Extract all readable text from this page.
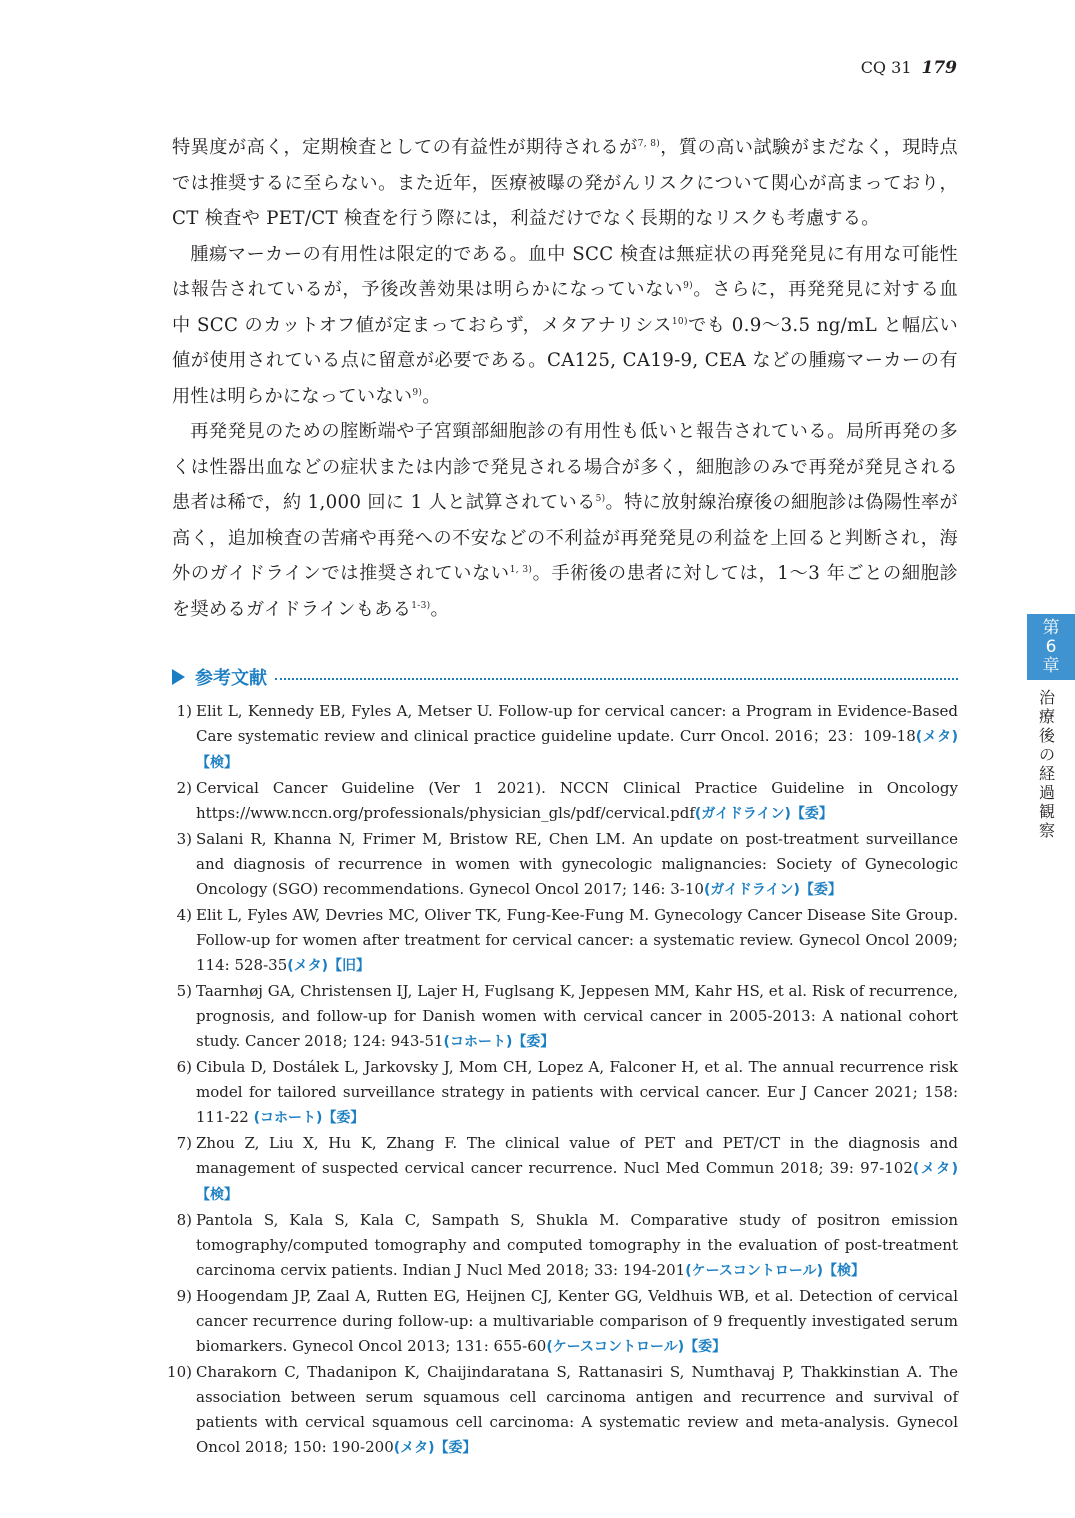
CQ 31 179

特異度が高く，定期検査としての有益性が期待されるが$^{7, 8)}$，質の高い試験がまだなく，現時点では推奨するに至らない。また近年，医療被曝の発がんリスクについて関心が高まっており，CT 検査や PET/CT 検査を行う際には，利益だけでなく長期的なリスクも考慮する。

腫瘍マーカーの有用性は限定的である。血中 SCC 検査は無症状の再発発見に有用な可能性は報告されているが，予後改善効果は明らかになっていない$^{9)}$。さらに，再発発見に対する血中 SCC のカットオフ値が定まっておらず，メタアナリシス$^{10)}$でも 0.9～3.5 ng/mL と幅広い値が使用されている点に留意が必要である。CA125, CA19-9, CEA などの腫瘍マーカーの有用性は明らかになっていない$^{9)}$。

再発発見のための腟断端や子宮頸部細胞診の有用性も低いと報告されている。局所再発の多くは性器出血などの症状または内診で発見される場合が多く，細胞診のみで再発が発見される患者は稀で，約 1,000 回に 1 人と試算されている$^{5)}$。特に放射線治療後の細胞診は偽陽性率が高く，追加検査の苦痛や再発への不安などの不利益が再発発見の利益を上回ると判断され，海外のガイドラインでは推奨されていない$^{1, 3)}$。手術後の患者に対しては，1～3 年ごとの細胞診を奨めるガイドラインもある$^{1-3)}$。

参考文献
1) Elit L, Kennedy EB, Fyles A, Metser U. Follow-up for cervical cancer: a Program in Evidence-Based Care systematic review and clinical practice guideline update. Curr Oncol. 2016；23：109-18(メタ)【検】
2) Cervical Cancer Guideline (Ver 1 2021). NCCN Clinical Practice Guideline in Oncology https://www.nccn.org/professionals/physician_gls/pdf/cervical.pdf(ガイドライン)【委】
3) Salani R, Khanna N, Frimer M, Bristow RE, Chen LM. An update on post-treatment surveillance and diagnosis of recurrence in women with gynecologic malignancies: Society of Gynecologic Oncology (SGO) recommendations. Gynecol Oncol 2017; 146: 3-10(ガイドライン)【委】
4) Elit L, Fyles AW, Devries MC, Oliver TK, Fung-Kee-Fung M. Gynecology Cancer Disease Site Group. Follow-up for women after treatment for cervical cancer: a systematic review. Gynecol Oncol 2009; 114: 528-35(メタ)【旧】
5) Taarnhøj GA, Christensen IJ, Lajer H, Fuglsang K, Jeppesen MM, Kahr HS, et al. Risk of recurrence, prognosis, and follow-up for Danish women with cervical cancer in 2005-2013: A national cohort study. Cancer 2018; 124: 943-51(コホート)【委】
6) Cibula D, Dostálek L, Jarkovsky J, Mom CH, Lopez A, Falconer H, et al. The annual recurrence risk model for tailored surveillance strategy in patients with cervical cancer. Eur J Cancer 2021; 158: 111-22 (コホート)【委】
7) Zhou Z, Liu X, Hu K, Zhang F. The clinical value of PET and PET/CT in the diagnosis and management of suspected cervical cancer recurrence. Nucl Med Commun 2018; 39: 97-102(メタ)【検】
8) Pantola S, Kala S, Kala C, Sampath S, Shukla M. Comparative study of positron emission tomography/computed tomography and computed tomography in the evaluation of post-treatment carcinoma cervix patients. Indian J Nucl Med 2018; 33: 194-201(ケースコントロール)【検】
9) Hoogendam JP, Zaal A, Rutten EG, Heijnen CJ, Kenter GG, Veldhuis WB, et al. Detection of cervical cancer recurrence during follow-up: a multivariable comparison of 9 frequently investigated serum biomarkers. Gynecol Oncol 2013; 131: 655-60(ケースコントロール)【委】
10) Charakorn C, Thadanipon K, Chaijindaratana S, Rattanasiri S, Numthavaj P, Thakkinstian A. The association between serum squamous cell carcinoma antigen and recurrence and survival of patients with cervical squamous cell carcinoma: A systematic review and meta-analysis. Gynecol Oncol 2018; 150: 190-200(メタ)【委】
第
6
章
治療後の経過観察
